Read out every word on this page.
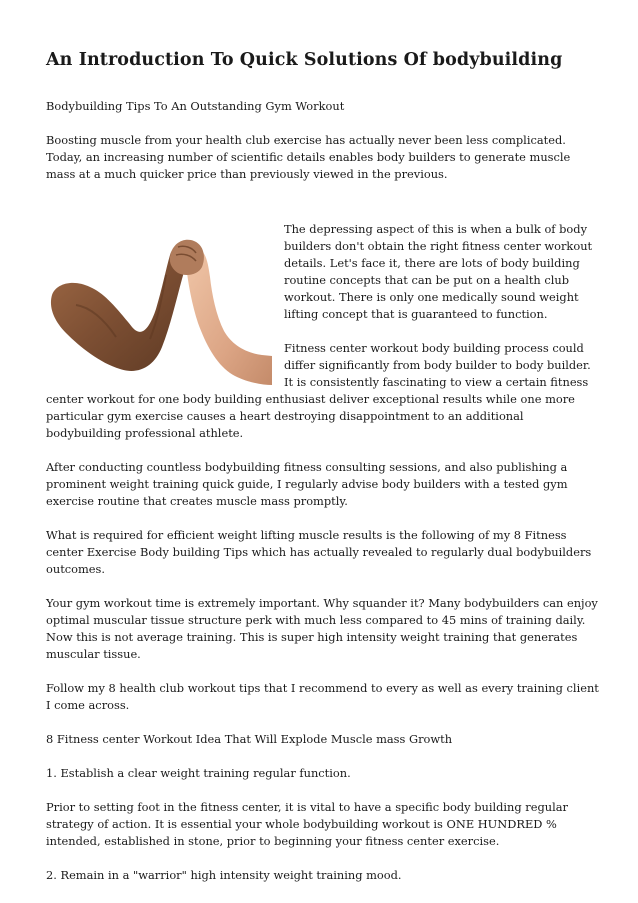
An Introduction To Quick Solutions Of bodybuilding

Bodybuilding Tips To An Outstanding Gym Workout

Boosting muscle from your health club exercise has actually never been less complicated. Today, an increasing number of scientific details enables body builders to generate muscle mass at a much quicker price than previously viewed in the previous.

The depressing aspect of this is when a bulk of body builders don't obtain the right fitness center workout details. Let's face it, there are lots of body building routine concepts that can be put on a health club workout. There is only one medically sound weight lifting concept that is guaranteed to function.

Fitness center workout body building process could differ significantly from body builder to body builder. It is consistently fascinating to view a certain fitness center workout for one body building enthusiast deliver exceptional results while one more particular gym exercise causes a heart destroying disappointment to an additional bodybuilding professional athlete.

After conducting countless bodybuilding fitness consulting sessions, and also publishing a prominent weight training quick guide, I regularly advise body builders with a tested gym exercise routine that creates muscle mass promptly.

What is required for efficient weight lifting muscle results is the following of my 8 Fitness center Exercise Body building Tips which has actually revealed to regularly dual bodybuilders outcomes.

Your gym workout time is extremely important. Why squander it? Many bodybuilders can enjoy optimal muscular tissue structure perk with much less compared to 45 mins of training daily. Now this is not average training. This is super high intensity weight training that generates muscular tissue.

Follow my 8 health club workout tips that I recommend to every as well as every training client I come across.

8 Fitness center Workout Idea That Will Explode Muscle mass Growth

1. Establish a clear weight training regular function.

Prior to setting foot in the fitness center, it is vital to have a specific body building regular strategy of action. It is essential your whole bodybuilding workout is ONE HUNDRED % intended, established in stone, prior to beginning your fitness center exercise.

2. Remain in a "warrior" high intensity weight training mood.
